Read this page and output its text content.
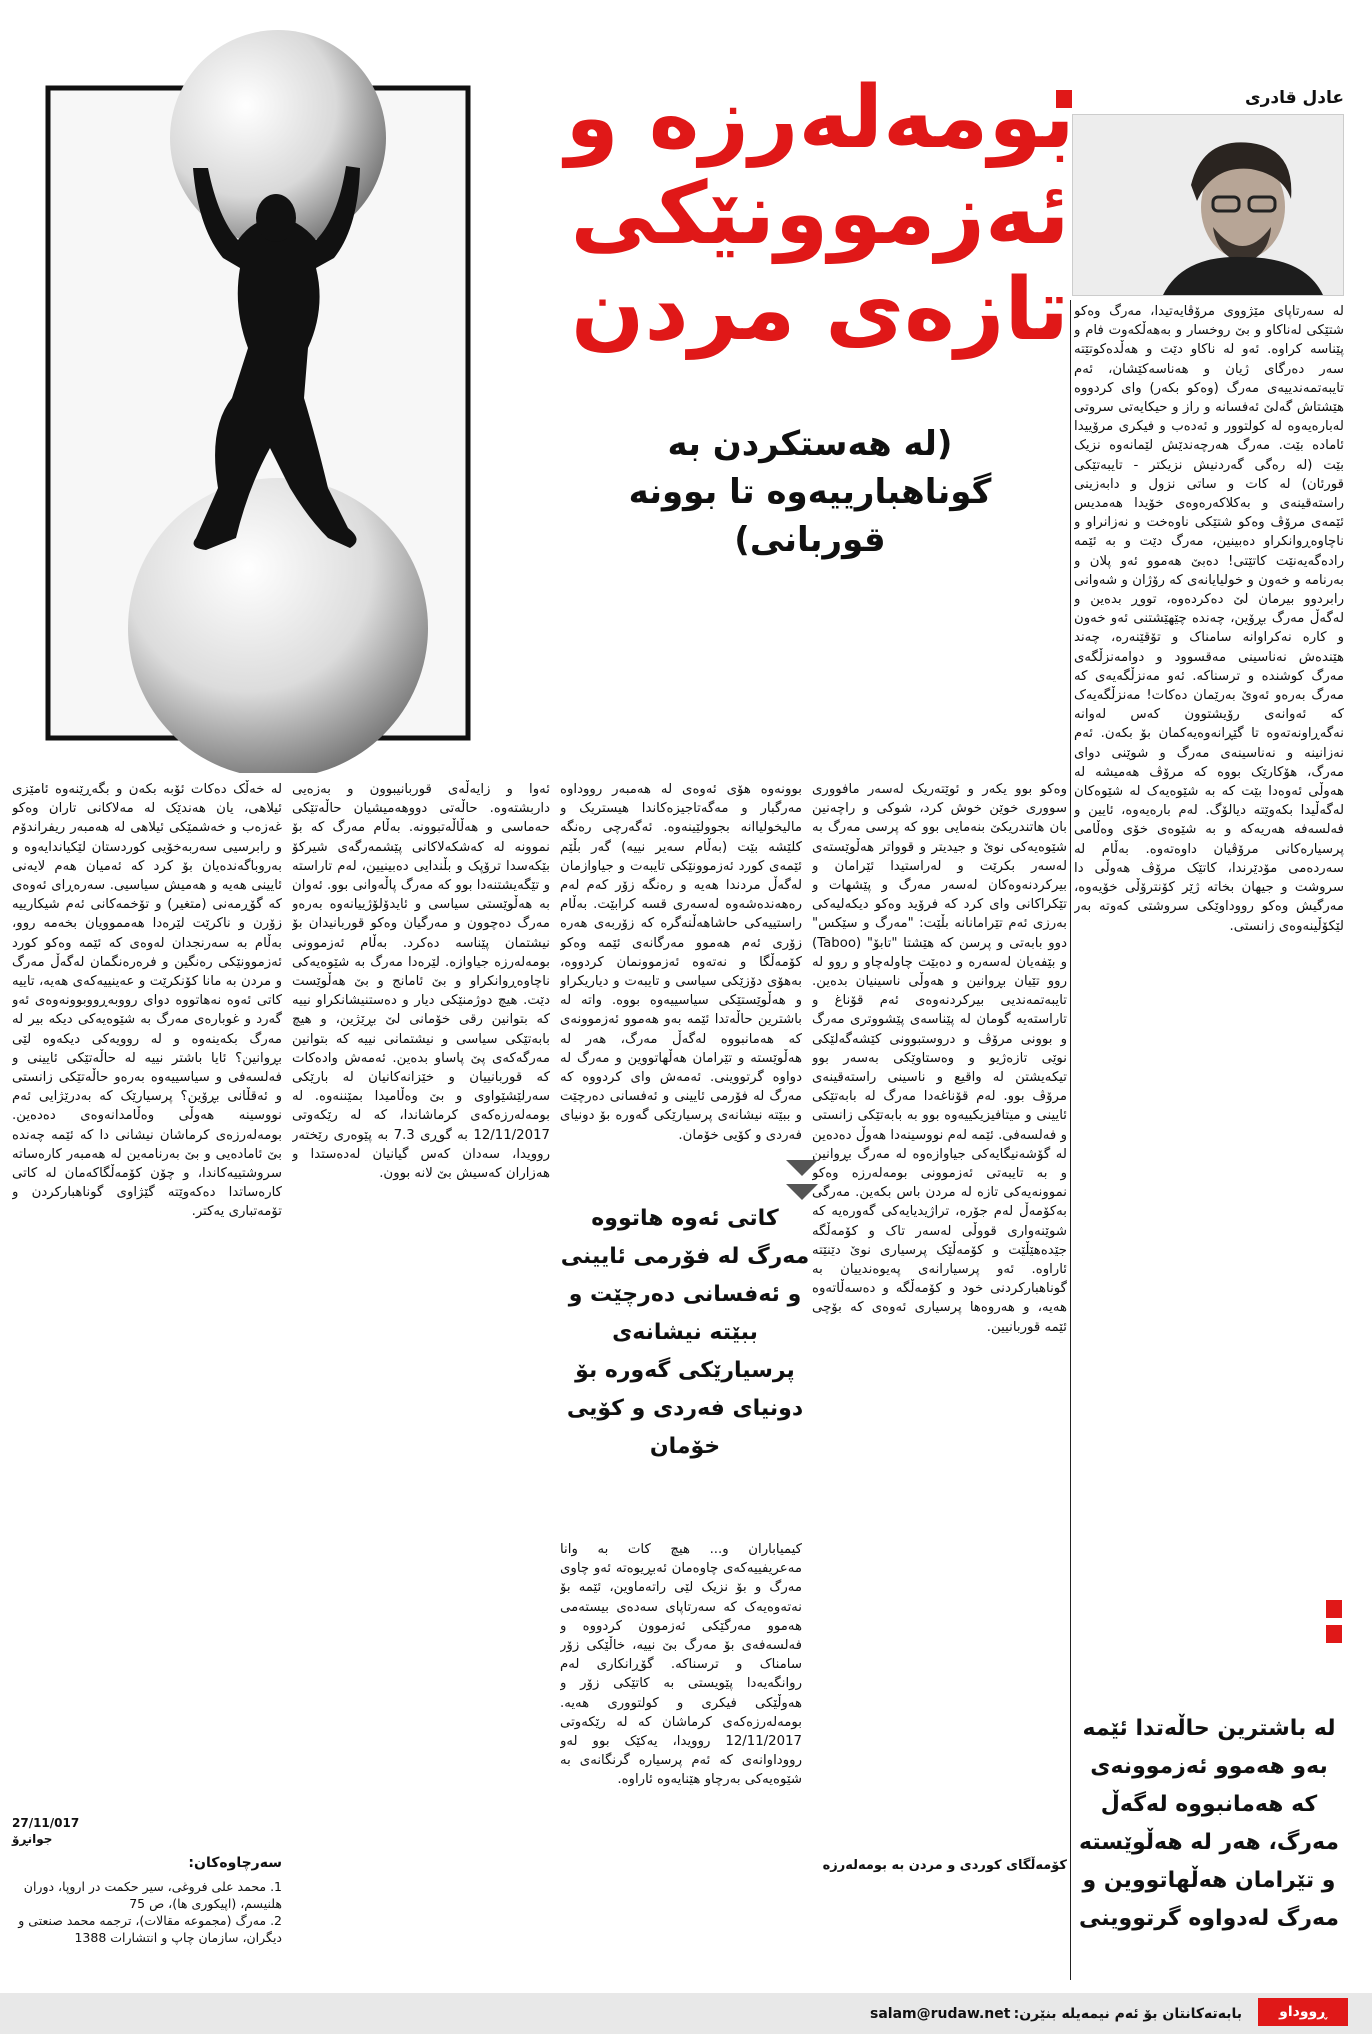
عادل قادری
بومەلەرزە و
ئەزموونێکی
تازەی مردن
(لە هەستکردن بە گوناهبارییەوە تا بوونە قوربانی)

لە سەرتاپای مێژووی مرۆڤایەتیدا، مەرگ وەکو شتێکی لەناکاو و بێ روخسار و بەهەڵکەوت فام و پێناسە کراوە. ئەو لە ناکاو دێت و هەڵدەکوتێتە سەر دەرگای ژیان و هەناسەکێشان، ئەم تایبەتمەندییەی مەرگ (وەکو بکەر) وای کردووە هێشتاش گەلێ ئەفسانە و راز و حیکایەتی سروتی لەبارەیەوە لە کولتوور و ئەدەب و فیکری مرۆییدا ئامادە بێت. مەرگ هەرچەندێش لێمانەوە نزیک بێت (لە رەگی گەردنیش نزیکتر - تایبەتێکی قورئان) لە کات و ساتی نزول و دابەزینی راستەقینەی و بەکلاکەرەوەی خۆیدا هەمدیس ئێمەی مرۆڤ وەکو شتێکی ناوەخت و نەزانراو و ناچاوەڕوانکراو دەبینین، مەرگ دێت و بە ئێمە رادەگەیەنێت کاتێتی! دەبێ هەموو ئەو پلان و بەرنامە و خەون و خولیایانەی کە رۆژان و شەوانی رابردوو بیرمان لێ دەکردەوە، تووڕ بدەین و لەگەڵ مەرگ بڕۆین، چەندە چێهێشتنی ئەو خەون و کارە نەکراوانە سامناک و تۆقێنەرە، چەند هێندەش نەناسینی مەقسوود و دوامەنزڵگەی مەرگ کوشندە و ترسناکە. ئەو مەنزڵگەیەی کە مەرگ بەرەو ئەوێ بەرێمان دەکات! مەنزڵگەیەک کە ئەوانەی رۆیشتوون کەس لەوانە نەگەڕاونەتەوە تا گێڕانەوەیەکمان بۆ بکەن. ئەم نەزانینە و نەناسینەی مەرگ و شوێنی دوای مەرگ، هۆکارێک بووە کە مرۆڤ هەمیشە لە هەوڵی ئەوەدا بێت کە بە شێوەیەک لە شێوەکان لەگەڵیدا بکەوێتە دیالۆگ. لەم بارەیەوە، ئایین و فەلسەفە هەریەکە و بە شێوەی خۆی وەڵامی پرسیارەکانی مرۆڤیان داوەتەوە. بەڵام لە سەردەمی مۆدێرندا، کاتێک مرۆڤ هەوڵی دا سروشت و جیهان بخاتە ژێر کۆنترۆڵی خۆیەوە، مەرگیش وەکو رووداوێکی سروشتی کەوتە بەر لێکۆڵینەوەی زانستی.

لە باشترین حاڵەتدا ئێمە بەو هەموو ئەزموونەی کە هەمانبووە لەگەڵ مەرگ، هەر لە هەڵوێستە و تێرامان هەڵهاتووین و مەرگ لەدواوە گرتووینی

وەکو بوو یکەر و ئوێتەریک لەسەر مافووری سووری خوێن خوش کرد، شوکی و راچەنین بان هاتندریکێ بنەمایی بوو کە پرسی مەرگ بە شێوەیەکی نوێ و جیدیتر و قوواتر هەڵوێستەی لەسەر بکرێت و لەراستیدا ئێرامان و بیرکردنەوەکان لەسەر مەرگ و پێشهات و تێکراکانی وای کرد کە فرۆید وەکو دیکەلیەکی بەرزی ئەم تێرامانانە بڵێت: "مەرگ و سێکس" دوو بابەتی و پرسن کە هێشتا "تابۆ" (Taboo) و بێفەیان لەسەرە و دەبێت چاولەچاو و روو لە روو تێیان بڕوانین و هەوڵی ناسینیان بدەین. تایبەتمەندیی بیرکردنەوەی ئەم قۆناغ و تاراستەیە گومان لە پێناسەی پێشووتری مەرگ و بوونی مرۆڤ و دروستبوونی کێشەگەلێکی نوێی تازەژیو و وەستاوێکی بەسەر بوو تیکەیشتن لە واقیع و ناسینی راستەقینەی مرۆڤ بوو. لەم قۆناغەدا مەرگ لە بابەتێکی ئایینی و میتافیزیکییەوە بوو بە بابەتێکی زانستی و فەلسەفی. ئێمە لەم نووسینەدا هەوڵ دەدەین لە گۆشەنیگایەکی جیاوازەوە لە مەرگ بڕوانین و بە تایبەتی ئەزموونی بومەلەرزە وەکو نموونەیەکی تازە لە مردن باس بکەین. مەرگی بەکۆمەڵ لەم جۆرە، تراژیدیایەکی گەورەیە کە شوێنەواری قووڵی لەسەر تاک و کۆمەڵگە جێدەهێڵێت و کۆمەڵێک پرسیاری نوێ دێنێتە ئاراوە. ئەو پرسیارانەی پەیوەندییان بە گوناهبارکردنی خود و کۆمەڵگە و دەسەڵاتەوە هەیە، و هەروەها پرسیاری ئەوەی کە بۆچی ئێمە قوربانیین.

کۆمەڵگای کوردی و مردن بە بومەلەرزە

بوونەوە هۆی ئەوەی لە هەمبەر رووداوە مەرگبار و مەگەتاجیزەکاندا هیستریک و مالیخولیاانە بجوولێینەوە. ئەگەرچی رەنگە کلێشە بێت (بەڵام سەیر نییە) گەر بڵێم ئێمەی کورد ئەزموونێکی تایبەت و جیاوازمان لەگەڵ مردندا هەیە و رەنگە زۆر کەم لەم رەهەندەشەوە لەسەری قسە کرابێت. بەڵام راستییەکی حاشاهەڵنەگرە کە زۆربەی هەرە زۆری ئەم هەموو مەرگانەی ئێمە وەکو کۆمەڵگا و نەتەوە ئەزموونمان کردووە، بەهۆی دۆزێکی سیاسی و تایبەت و دیاریکراو و هەڵوێستێکی سیاسییەوە بووە. واتە لە باشترین حاڵەتدا ئێمە بەو هەموو ئەزموونەی کە هەمانبووە لەگەڵ مەرگ، هەر لە هەڵوێستە و تێرامان هەڵهاتووین و مەرگ لە دواوە گرتووینی. ئەمەش وای کردووە کە مەرگ لە فۆرمی ئایینی و ئەفسانی دەرچێت و ببێتە نیشانەی پرسیارێکی گەورە بۆ دونیای فەردی و کۆیی خۆمان.

کاتی ئەوە هاتووە مەرگ لە فۆرمی ئایینی و ئەفسانی دەرچێت و ببێتە نیشانەی پرسیارێکی گەورە بۆ دونیای فەردی و کۆیی خۆمان

کیمیاباران و... هیچ کات بە وانا مەعریفییەکەی چاوەمان ئەبڕیوەتە ئەو چاوی مەرگ و بۆ نزیک لێی راتەماوین، ئێمە بۆ نەتەوەیەک کە سەرتاپای سەدەی بیستەمی هەموو مەرگێکی ئەزموون کردووە و فەلسەفەی بۆ مەرگ بێ نییە، خاڵێکی زۆر سامناک و ترسناکە. گۆڕانکاری لەم روانگەیەدا پێویستی بە کاتێکی زۆر و هەوڵێکی فیکری و کولتووری هەیە. بومەلەرزەکەی کرماشان کە لە رێکەوتی 12/11/2017 روویدا، یەکێک بوو لەو رووداوانەی کە ئەم پرسیارە گرنگانەی بە شێوەیەکی بەرچاو هێنایەوە ئاراوە.

ئەوا و زایەڵەی قوربانیبوون و بەزەیی داربشتەوە. حاڵەتی دووهەمیشیان حاڵەتێکی حەماسی و هەڵاڵەتبوونە. بەڵام مەرگ کە بۆ نموونە لە کەشکەلاکانی پێشمەرگەی شیرکۆ بێکەسدا ترۆپک و بڵندایی دەبینیین، لەم تاراستە و تێگەیشتنەدا بوو کە مەرگ پاڵەوانی بوو. ئەوان بە هەڵوێستی سیاسی و ئایدۆلۆژییانەوە بەرەو مەرگ دەچوون و مەرگیان وەکو قوربانیدان بۆ نیشتمان پێناسە دەکرد. بەڵام ئەزموونی بومەلەرزە جیاوازە. لێرەدا مەرگ بە شێوەیەکی ناچاوەڕوانکراو و بێ ئامانج و بێ هەڵوێست دێت. هیچ دوژمنێکی دیار و دەستنیشانکراو نییە کە بتوانین رقی خۆمانی لێ بڕێژین، و هیچ بابەتێکی سیاسی و نیشتمانی نییە کە بتوانین مەرگەکەی پێ پاساو بدەین. ئەمەش وادەکات کە قوربانییان و خێزانەکانیان لە بارێکی سەرلێشێواوی و بێ وەڵامیدا بمێننەوە. لە بومەلەرزەکەی کرماشاندا، کە لە رێکەوتی 12/11/2017 بە گوڕی 7.3 بە پێوەری رێختەر روویدا، سەدان کەس گیانیان لەدەستدا و هەزاران کەسیش بێ لانە بوون.

لە خەڵک دەکات ئۆبە بکەن و بگەڕێنەوە ئامێزی ئیلاهی، یان هەندێک لە مەلاکانی تاران وەکو غەزەب و خەشمێکی ئیلاهی لە هەمبەر ریفراندۆم و رابرسیی سەربەخۆیی کوردستان لێکیاندایەوە و بەروباگەندەیان بۆ کرد کە ئەمیان هەم لایەنی ئایینی هەیە و هەمیش سیاسیی. سەرەڕای ئەوەی کە گۆڕمەنی (متغیر) و تۆخمەکانی ئەم شیکارییە زۆرن و ناکرێت لێرەدا هەمموویان بخەمە روو، بەڵام بە سەرنجدان لەوەی کە ئێمە وەکو کورد ئەزموونێکی رەنگین و فرەرەنگمان لەگەڵ مەرگ و مردن بە مانا کۆنکرێت و عەینییەکەی هەیە، تاییە کاتی ئەوە نەهاتووە دوای رووبەڕووبوونەوەی ئەو گەرد و غوبارەی مەرگ بە شێوەیەکی دیکە بیر لە مەرگ بکەینەوە و لە روویەکی دیکەوە لێی بڕوانین؟ ئایا باشتر نییە لە حاڵەتێکی ئایینی و فەلسەفی و سیاسییەوە بەرەو حاڵەتێکی زانستی و ئەقڵانی بڕۆین؟ پرسیارێک کە بەدرێژایی ئەم نووسینە هەوڵی وەڵامدانەوەی دەدەین. بومەلەرزەی کرماشان نیشانی دا کە ئێمە چەندە بێ ئامادەیی و بێ بەرنامەین لە هەمبەر کارەساتە سروشتییەکاندا، و چۆن کۆمەڵگاکەمان لە کاتی کارەساتدا دەکەوێتە گێژاوی گوناهبارکردن و تۆمەتباری یەکتر.

27/11/017
جوانڕۆ
سەرچاوەکان:
1. محمد علی فروغی، سیر حکمت در اروپا، دوران هلنیسم، (اپیکوری ها)، ص 75
2. مەرگ (مجموعه مقالات)، ترجمه محمد صنعتی و دیگران، سازمان چاپ و انتشارات 1388
ڕووداو
بابەتەکانتان بۆ ئەم نیمەیلە بنێرن:
salam@rudaw.net
